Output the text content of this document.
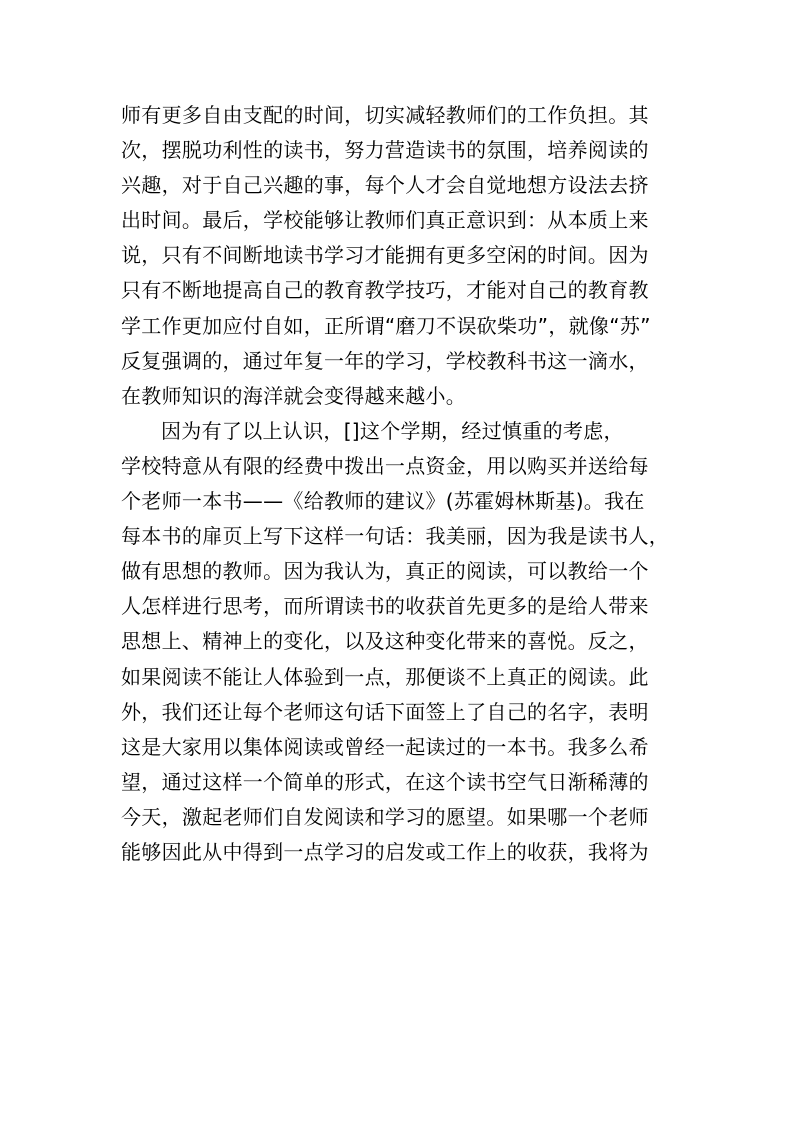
师有更多自由支配的时间，切实减轻教师们的工作负担。其
次，摆脱功利性的读书，努力营造读书的氛围，培养阅读的
兴趣，对于自己兴趣的事，每个人才会自觉地想方设法去挤
出时间。最后，学校能够让教师们真正意识到：从本质上来
说，只有不间断地读书学习才能拥有更多空闲的时间。因为
只有不断地提高自己的教育教学技巧，才能对自己的教育教
学工作更加应付自如，正所谓“磨刀不误砍柴功”，就像“苏”
反复强调的，通过年复一年的学习，学校教科书这一滴水，
在教师知识的海洋就会变得越来越小。
因为有了以上认识，[]这个学期，经过慎重的考虑，
学校特意从有限的经费中拨出一点资金，用以购买并送给每
个老师一本书——《给教师的建议》(苏霍姆林斯基)。我在
每本书的扉页上写下这样一句话：我美丽，因为我是读书人，
做有思想的教师。因为我认为，真正的阅读，可以教给一个
人怎样进行思考，而所谓读书的收获首先更多的是给人带来
思想上、精神上的变化，以及这种变化带来的喜悦。反之，
如果阅读不能让人体验到一点，那便谈不上真正的阅读。此
外，我们还让每个老师这句话下面签上了自己的名字，表明
这是大家用以集体阅读或曾经一起读过的一本书。我多么希
望，通过这样一个简单的形式，在这个读书空气日渐稀薄的
今天，激起老师们自发阅读和学习的愿望。如果哪一个老师
能够因此从中得到一点学习的启发或工作上的收获，我将为
